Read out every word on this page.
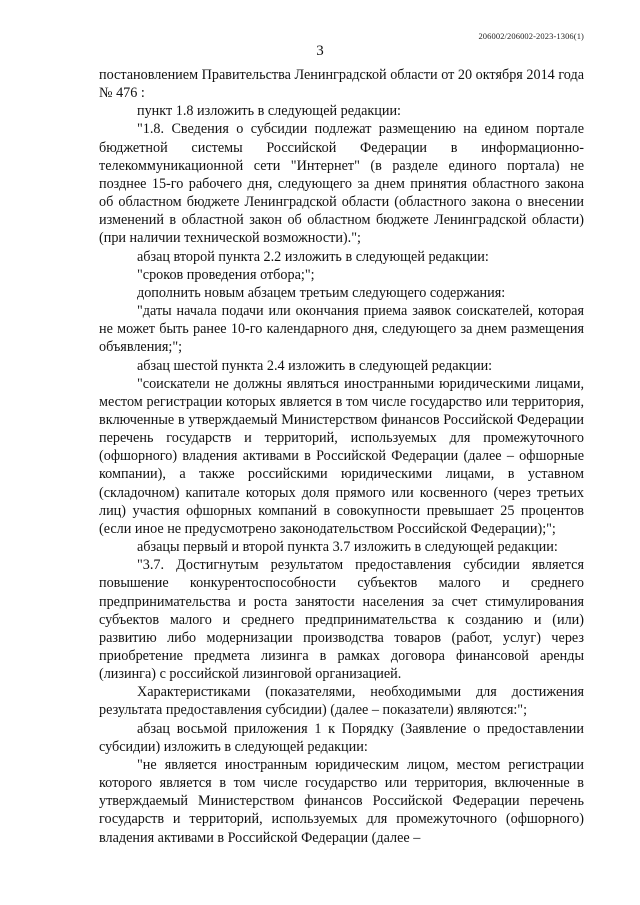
206002/206002-2023-1306(1)
3

постановлением Правительства Ленинградской области от 20 октября 2014 года № 476 :

пункт 1.8 изложить в следующей редакции:

"1.8. Сведения о субсидии подлежат размещению на едином портале бюджетной системы Российской Федерации в информационно-телекоммуникационной сети "Интернет" (в разделе единого портала) не позднее 15-го рабочего дня, следующего за днем принятия областного закона об областном бюджете Ленинградской области (областного закона о внесении изменений в областной закон об областном бюджете Ленинградской области) (при наличии технической возможности).";

абзац второй пункта 2.2 изложить в следующей редакции:

"сроков проведения отбора;";

дополнить новым абзацем третьим следующего содержания:

"даты начала подачи или окончания приема заявок соискателей, которая не может быть ранее 10-го календарного дня, следующего за днем размещения объявления;";

абзац шестой пункта 2.4 изложить в следующей редакции:

"соискатели не должны являться иностранными юридическими лицами, местом регистрации которых является в том числе государство или территория, включенные в утверждаемый Министерством финансов Российской Федерации перечень государств и территорий, используемых для промежуточного (офшорного) владения активами в Российской Федерации (далее – офшорные компании), а также российскими юридическими лицами, в уставном (складочном) капитале которых доля прямого или косвенного (через третьих лиц) участия офшорных компаний в совокупности превышает 25 процентов (если иное не предусмотрено законодательством Российской Федерации);";

абзацы первый и второй пункта 3.7 изложить в следующей редакции:

"3.7. Достигнутым результатом предоставления субсидии является повышение конкурентоспособности субъектов малого и среднего предпринимательства и роста занятости населения за счет стимулирования субъектов малого и среднего предпринимательства к созданию и (или) развитию либо модернизации производства товаров (работ, услуг) через приобретение предмета лизинга в рамках договора финансовой аренды (лизинга) с российской лизинговой организацией.

Характеристиками (показателями, необходимыми для достижения результата предоставления субсидии) (далее – показатели) являются:";

абзац восьмой приложения 1 к Порядку (Заявление о предоставлении субсидии) изложить в следующей редакции:

"не является иностранным юридическим лицом, местом регистрации которого является в том числе государство или территория, включенные в утверждаемый Министерством финансов Российской Федерации перечень государств и территорий, используемых для промежуточного (офшорного) владения активами в Российской Федерации (далее –
